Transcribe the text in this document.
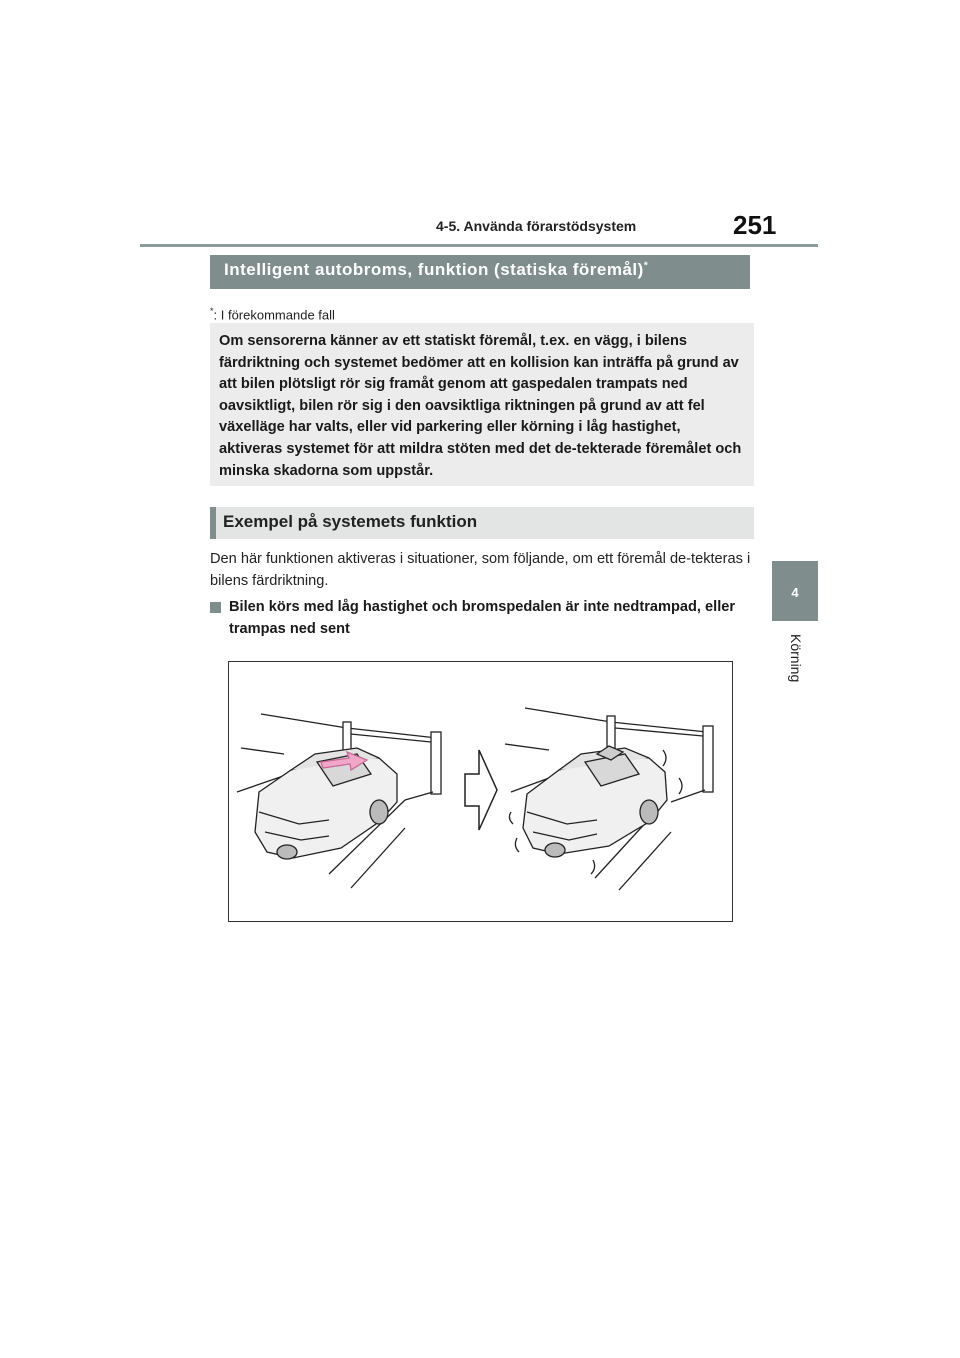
4-5. Använda förarstödsystem	251
4
Körning
Intelligent autobroms, funktion (statiska föremål)*
*: I förekommande fall

Om sensorerna känner av ett statiskt föremål, t.ex. en vägg, i bilens färdriktning och systemet bedömer att en kollision kan inträffa på grund av att bilen plötsligt rör sig framåt genom att gaspedalen trampats ned oavsiktligt, bilen rör sig i den oavsiktliga riktningen på grund av att fel växelläge har valts, eller vid parkering eller körning i låg hastighet, aktiveras systemet för att mildra stöten med det de-tekterade föremålet och minska skadorna som uppstår.

Exempel på systemets funktion

Den här funktionen aktiveras i situationer, som följande, om ett föremål de-tekteras i bilens färdriktning.

Bilen körs med låg hastighet och bromspedalen är inte nedtrampad, eller trampas ned sent
